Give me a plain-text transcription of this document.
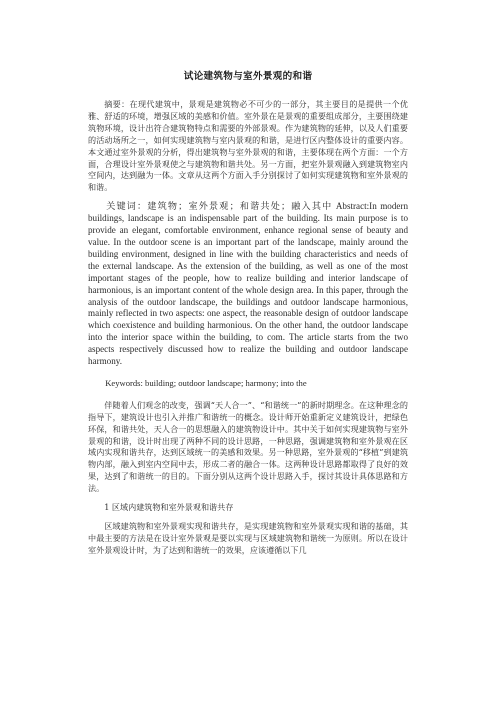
试论建筑物与室外景观的和谐

摘要：在现代建筑中，景观是建筑物必不可少的一部分，其主要目的是提供一个优雅、舒适的环境，增强区域的美感和价值。室外景在是景观的重要组成部分，主要围绕建筑物环境，设计出符合建筑物特点和需要的外部景观。作为建筑物的延伸，以及人们重要的活动场所之一，如何实现建筑物与室内景观的和谐，是进行区内整体设计的重要内容。本文通过室外景观的分析，得出建筑物与室外景观的和谐，主要体现在两个方面：一个方面，合理设计室外景观使之与建筑物和谐共处。另一方面，把室外景观融入到建筑物室内空间内，达到融为一体。文章从这两个方面入手分别探讨了如何实现建筑物和室外景观的和谐。

关键词：建筑物；室外景观；和谐共处；融入其中 Abstract:In modern buildings, landscape is an indispensable part of the building. Its main purpose is to provide an elegant, comfortable environment, enhance regional sense of beauty and value. In the outdoor scene is an important part of the landscape, mainly around the building environment, designed in line with the building characteristics and needs of the external landscape. As the extension of the building, as well as one of the most important stages of the people, how to realize building and interior landscape of harmonious, is an important content of the whole design area. In this paper, through the analysis of the outdoor landscape, the buildings and outdoor landscape harmonious, mainly reflected in two aspects: one aspect, the reasonable design of outdoor landscape which coexistence and building harmonious. On the other hand, the outdoor landscape into the interior space within the building, to com. The article starts from the two aspects respectively discussed how to realize the building and outdoor landscape harmony.

Keywords: building; outdoor landscape; harmony; into the

伴随着人们观念的改变，强调“天人合一”、“和谐统一”的新时期理念。在这种理念的指导下，建筑设计也引入并推广和谐统一的概念。设计师开始重新定义建筑设计，把绿色环保，和谐共处，天人合一的思想融入的建筑物设计中。其中关于如何实现建筑物与室外景观的和谐，设计时出现了两种不同的设计思路，一种思路，强调建筑物和室外景观在区域内实现和谐共存，达到区域统一的美感和效果。另一种思路，室外景观的“移植”到建筑物内部，融入到室内空间中去，形成二者的融合一体。这两种设计思路都取得了良好的效果，达到了和谐统一的目的。下面分别从这两个设计思路入手，探讨其设计具体思路和方法。

1 区域内建筑物和室外景观和谐共存

区域建筑物和室外景观实现和谐共存，是实现建筑物和室外景观实现和谐的基础，其中最主要的方法是在设计室外景观是要以实现与区域建筑物和谐统一为原则。所以在设计室外景观设计时，为了达到和谐统一的效果，应该遵循以下几
